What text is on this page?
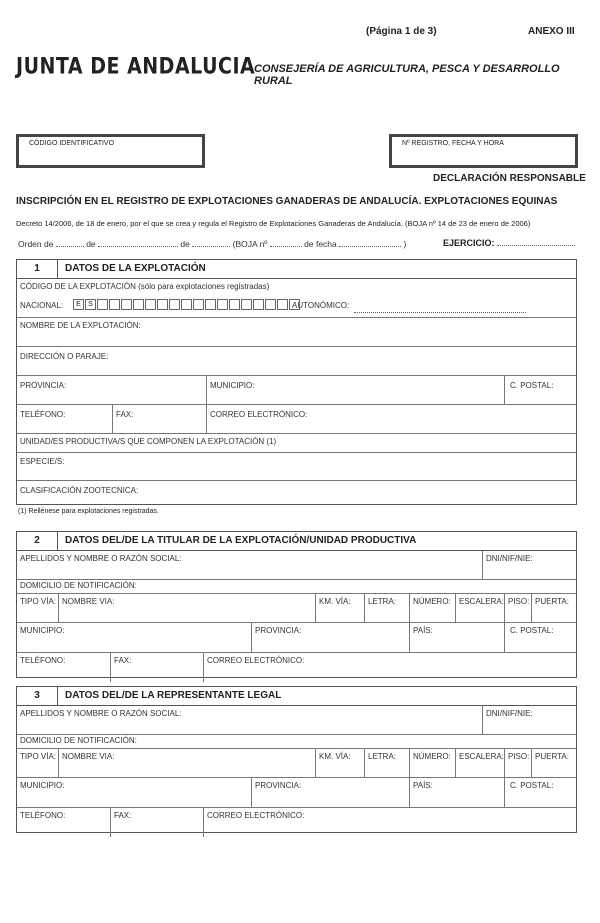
(Página 1 de 3)	ANEXO III
JUNTA DE ANDALUCIA
CONSEJERÍA DE AGRICULTURA, PESCA Y DESARROLLO RURAL
CÓDIGO IDENTIFICATIVO	Nº REGISTRO, FECHA Y HORA
DECLARACIÓN RESPONSABLE
INSCRIPCIÓN EN EL REGISTRO DE EXPLOTACIONES GANADERAS DE ANDALUCÍA. EXPLOTACIONES EQUINAS
Decreto 14/2006, de 18 de enero, por el que se crea y regula el Registro de Explotaciones Ganaderas de Andalucía. (BOJA nº 14 de 23 de enero de 2006)
Orden de	de	de	(BOJA nº	de fecha	)	EJERCICIO:
1	DATOS DE LA EXPLOTACIÓN
CÓDIGO DE LA EXPLOTACIÓN (sólo para explotaciones registradas)
NACIONAL:	E	S	AUTONÓMICO:
NOMBRE DE LA EXPLOTACIÓN:
DIRECCIÓN O PARAJE:
PROVINCIA:	MUNICIPIO:	C. POSTAL:
TELÉFONO:	FAX:	CORREO ELECTRÓNICO:
UNIDAD/ES PRODUCTIVA/S QUE COMPONEN LA EXPLOTACIÓN (1)
ESPECIE/S:
CLASIFICACIÓN ZOOTECNICA:
(1) Rellénese para explotaciones registradas.
2	DATOS DEL/DE LA TITULAR DE LA EXPLOTACIÓN/UNIDAD PRODUCTIVA
APELLIDOS Y NOMBRE O RAZÓN SOCIAL:	DNI/NIF/NIE:
DOMICILIO DE NOTIFICACIÓN:
TIPO VÍA: NOMBRE VIA:	KM. VÍA: LETRA: NÚMERO: ESCALERA: PISO: PUERTA:
MUNICIPIO:	PROVINCIA:	PAÍS:	C. POSTAL:
TELÉFONO:	FAX:	CORREO ELECTRÓNICO:
3	DATOS DEL/DE LA REPRESENTANTE LEGAL
APELLIDOS Y NOMBRE O RAZÓN SOCIAL:	DNI/NIF/NIE:
DOMICILIO DE NOTIFICACIÓN:
TIPO VÍA: NOMBRE VIA:	KM. VÍA: LETRA: NÚMERO: ESCALERA: PISO: PUERTA:
MUNICIPIO:	PROVINCIA:	PAÍS:	C. POSTAL:
TELÉFONO:	FAX:	CORREO ELECTRÓNICO:
